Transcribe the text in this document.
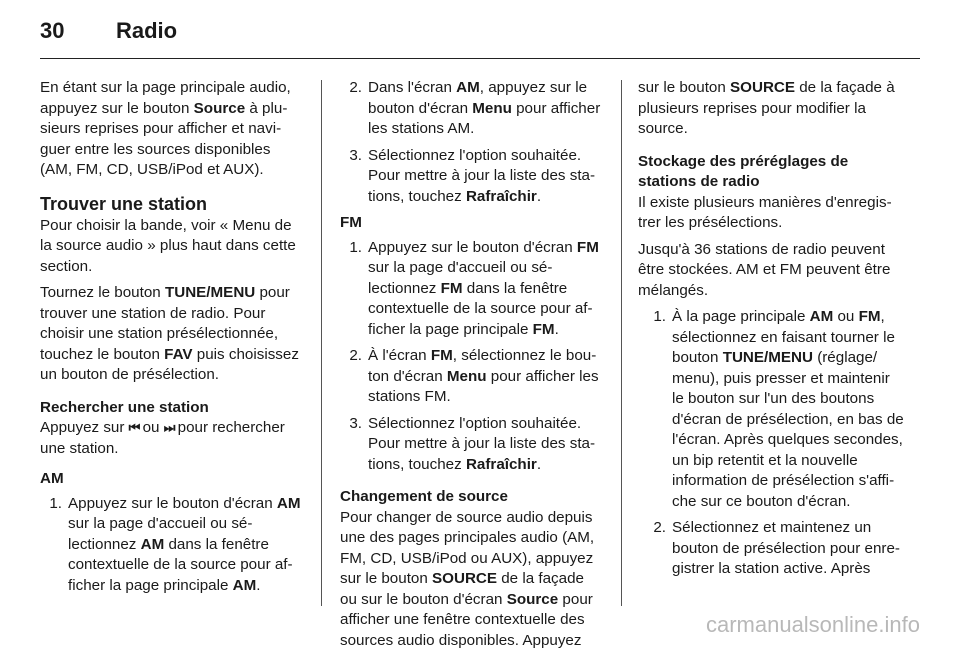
30 Radio

En étant sur la page principale audio, appuyez sur le bouton Source à plusieurs reprises pour afficher et naviguer entre les sources disponibles (AM, FM, CD, USB/iPod et AUX).

Trouver une station

Pour choisir la bande, voir « Menu de la source audio » plus haut dans cette section.

Tournez le bouton TUNE/MENU pour trouver une station de radio. Pour choisir une station présélectionnée, touchez le bouton FAV puis choisissez un bouton de présélection.

Rechercher une station

Appuyez sur ⏮ ou ⏭ pour rechercher une station.

AM
1. Appuyez sur le bouton d'écran AM sur la page d'accueil ou sélectionnez AM dans la fenêtre contextuelle de la source pour afficher la page principale AM.
2. Dans l'écran AM, appuyez sur le bouton d'écran Menu pour afficher les stations AM.
3. Sélectionnez l'option souhaitée. Pour mettre à jour la liste des stations, touchez Rafraîchir.
FM
1. Appuyez sur le bouton d'écran FM sur la page d'accueil ou sélectionnez FM dans la fenêtre contextuelle de la source pour afficher la page principale FM.
2. À l'écran FM, sélectionnez le bouton d'écran Menu pour afficher les stations FM.
3. Sélectionnez l'option souhaitée. Pour mettre à jour la liste des stations, touchez Rafraîchir.
Changement de source

Pour changer de source audio depuis une des pages principales audio (AM, FM, CD, USB/iPod ou AUX), appuyez sur le bouton SOURCE de la façade ou sur le bouton d'écran Source pour afficher une fenêtre contextuelle des sources audio disponibles. Appuyez

sur le bouton SOURCE de la façade à plusieurs reprises pour modifier la source.

Stockage des préréglages de stations de radio

Il existe plusieurs manières d'enregistrer les présélections.

Jusqu'à 36 stations de radio peuvent être stockées. AM et FM peuvent être mélangés.

1. À la page principale AM ou FM, sélectionnez en faisant tourner le bouton TUNE/MENU (réglage/ menu), puis presser et maintenir le bouton sur l'un des boutons d'écran de présélection, en bas de l'écran. Après quelques secondes, un bip retentit et la nouvelle information de présélection s'affiche sur ce bouton d'écran.
2. Sélectionnez et maintenez un bouton de présélection pour enregistrer la station active. Après
carmanualsonline.info
